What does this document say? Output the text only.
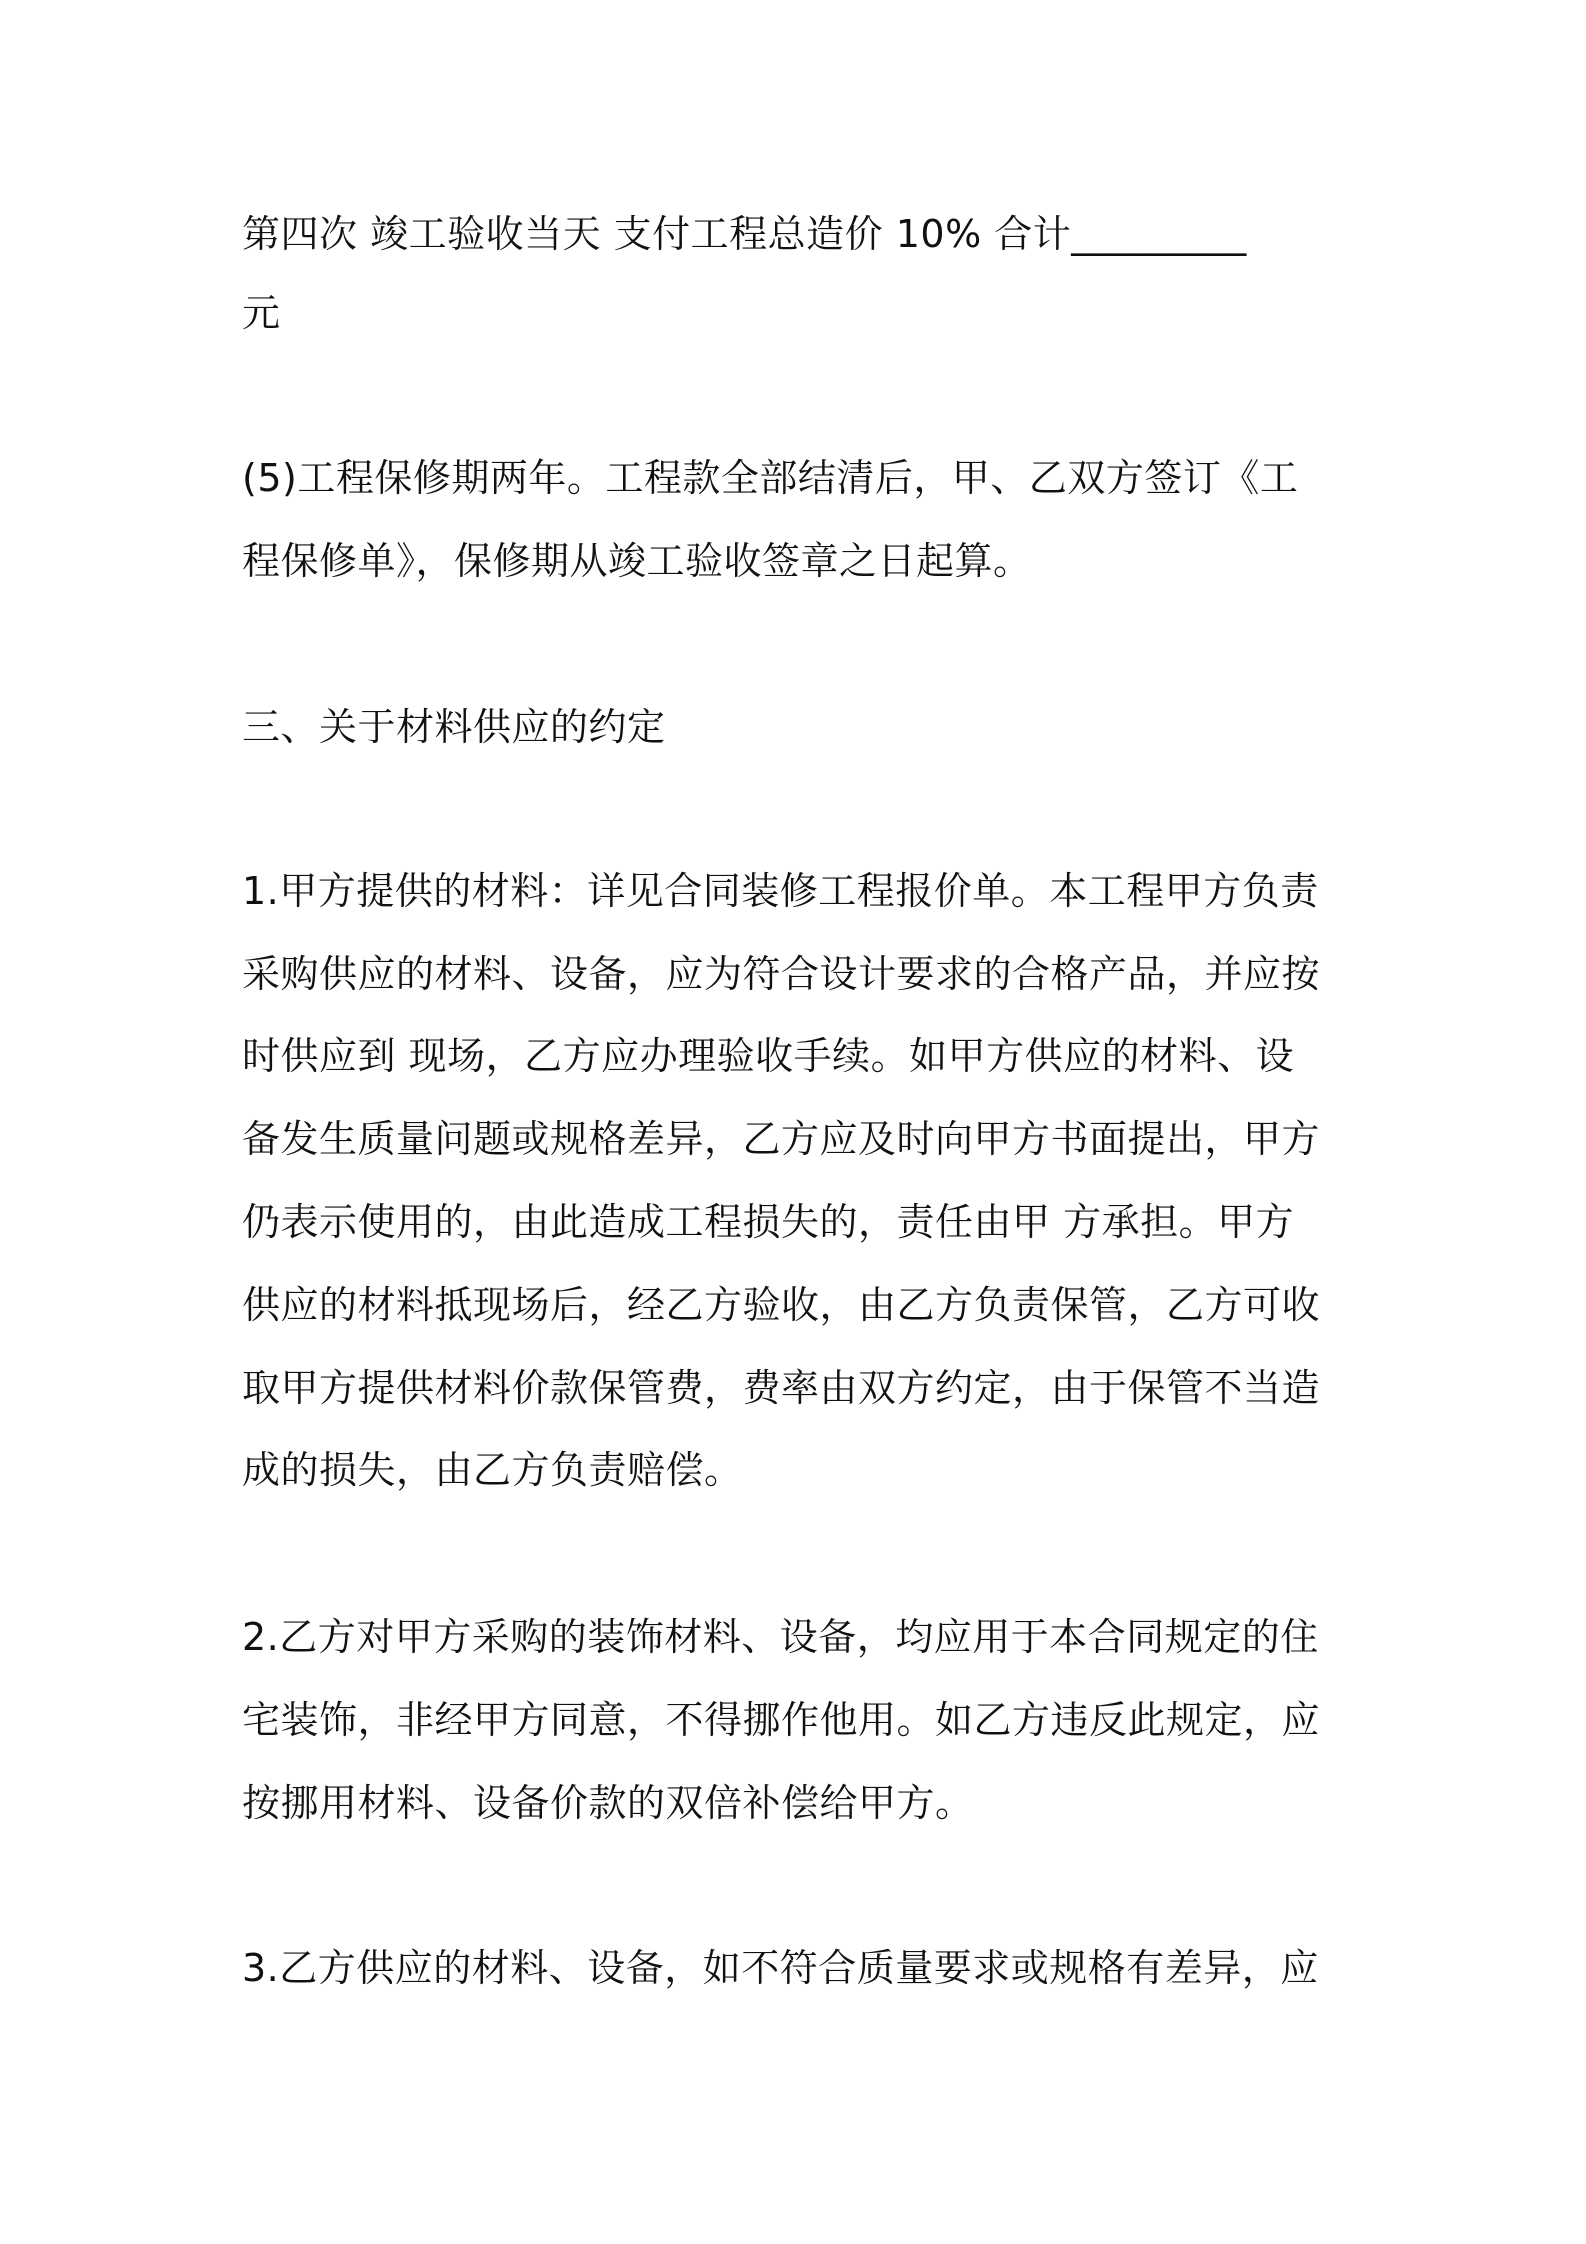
第四次 竣工验收当天 支付工程总造价 10% 合计_________
元
(5)工程保修期两年。工程款全部结清后，甲、乙双方签订《工
程保修单》，保修期从竣工验收签章之日起算。
三、关于材料供应的约定
1.甲方提供的材料：详见合同装修工程报价单。本工程甲方负责
采购供应的材料、设备，应为符合设计要求的合格产品，并应按
时供应到 现场，乙方应办理验收手续。如甲方供应的材料、设
备发生质量问题或规格差异，乙方应及时向甲方书面提出，甲方
仍表示使用的，由此造成工程损失的，责任由甲 方承担。甲方
供应的材料抵现场后，经乙方验收，由乙方负责保管，乙方可收
取甲方提供材料价款保管费，费率由双方约定，由于保管不当造
成的损失，由乙方负责赔偿。
2.乙方对甲方采购的装饰材料、设备，均应用于本合同规定的住
宅装饰，非经甲方同意，不得挪作他用。如乙方违反此规定，应
按挪用材料、设备价款的双倍补偿给甲方。
3.乙方供应的材料、设备，如不符合质量要求或规格有差异，应
